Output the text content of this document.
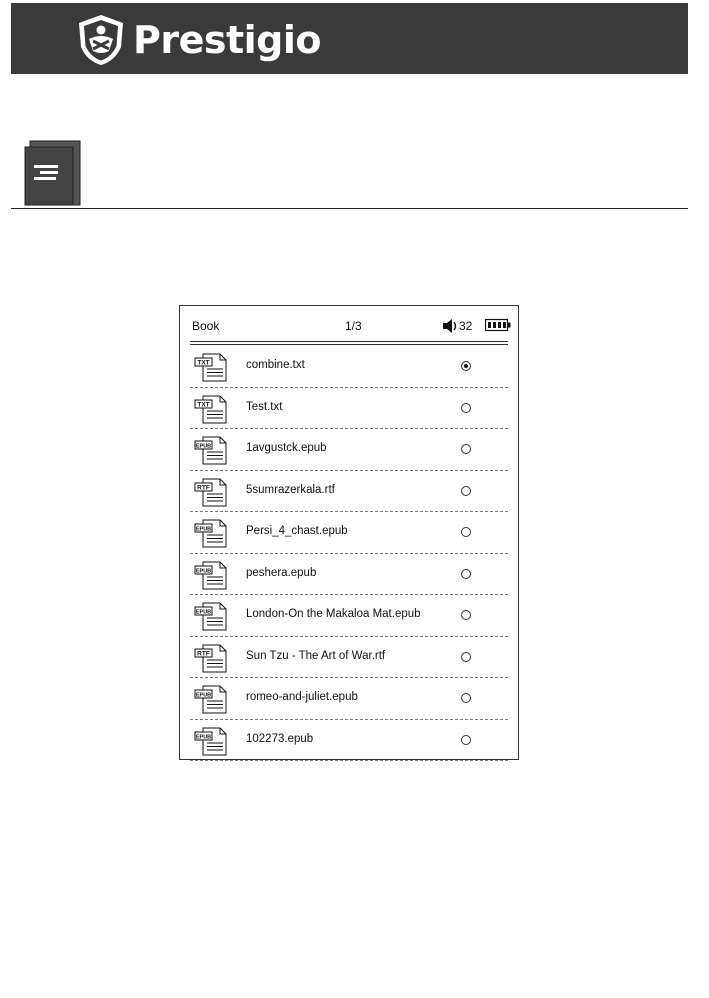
Prestigio
Book	1/3	32
TXT	combine.txt
TXT	Test.txt
EPUB	1avgustck.epub
RTF	5sumrazerkala.rtf
EPUB	Persi_4_chast.epub
EPUB	peshera.epub
EPUB	London-On the Makaloa Mat.epub
RTF	Sun Tzu - The Art of War.rtf
EPUB	romeo-and-juliet.epub
EPUB	102273.epub
